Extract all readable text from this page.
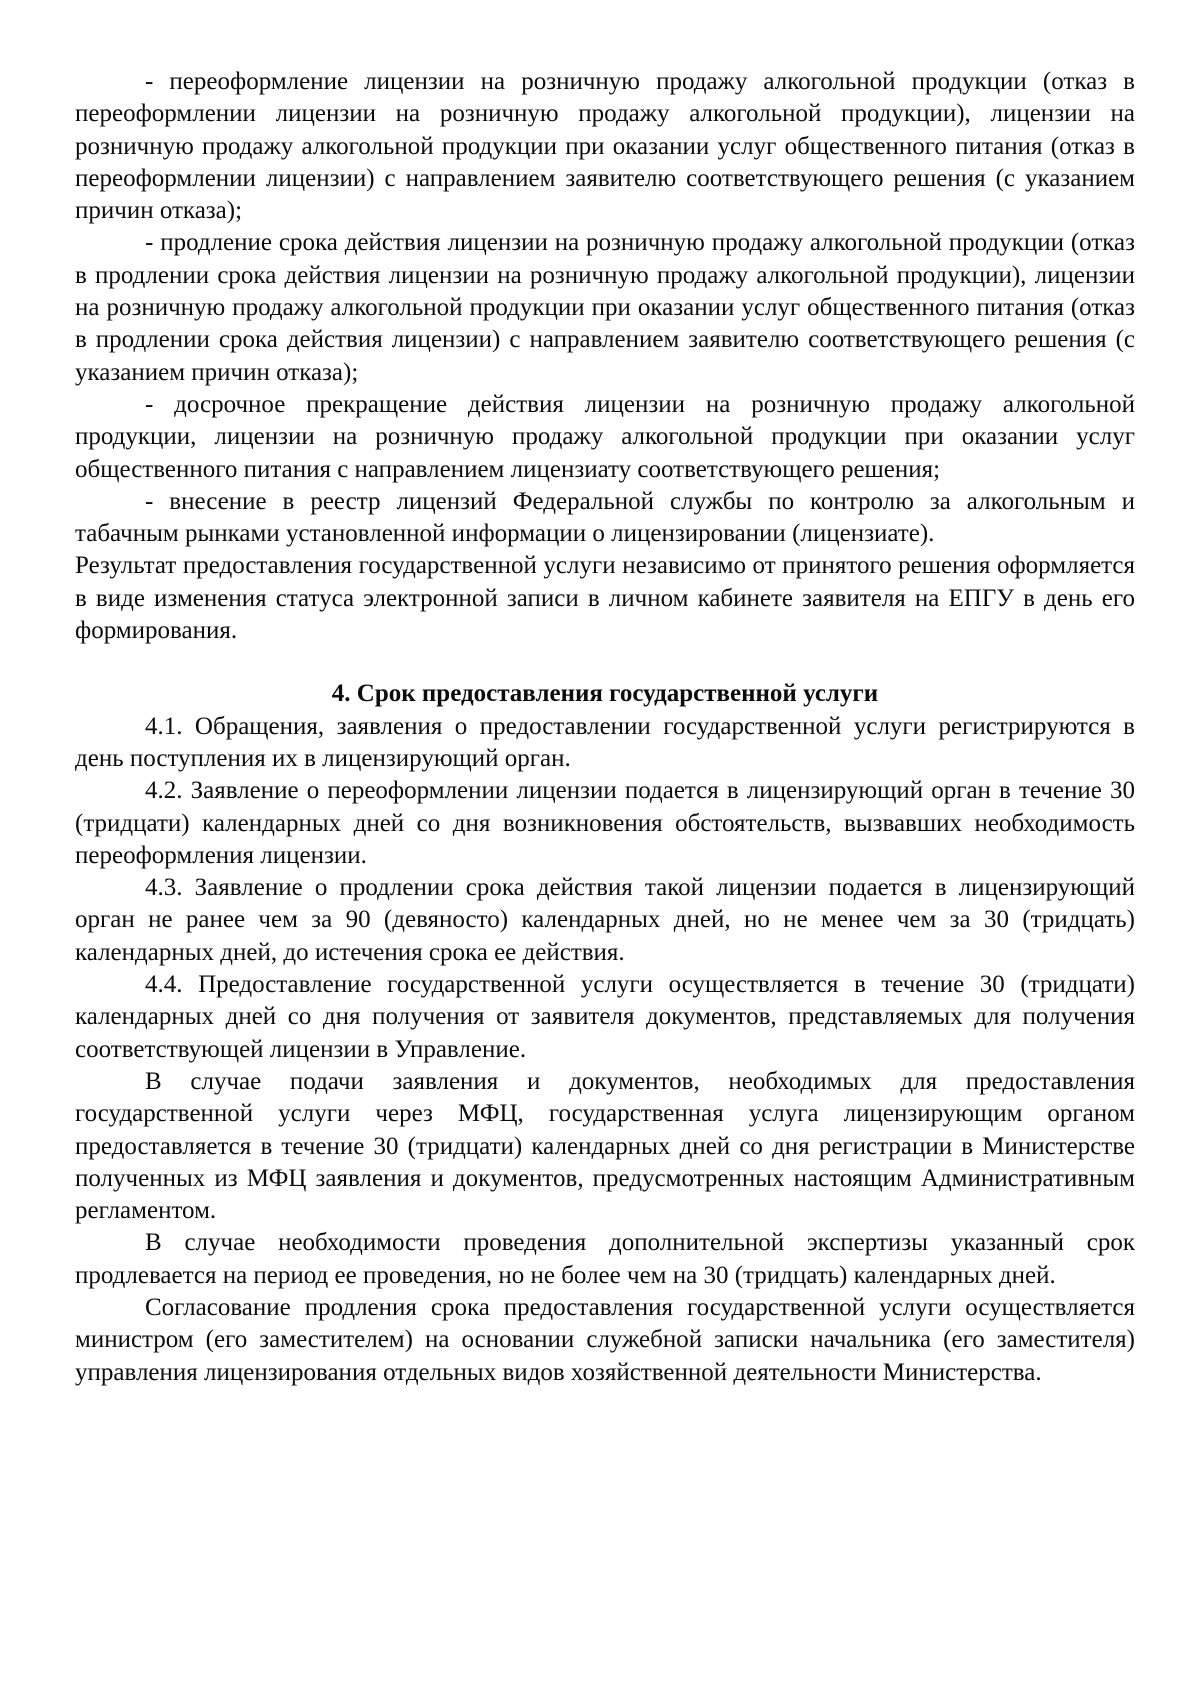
- переоформление лицензии на розничную продажу алкогольной продукции (отказ в переоформлении лицензии на розничную продажу алкогольной продукции), лицензии на розничную продажу алкогольной продукции при оказании услуг общественного питания (отказ в переоформлении лицензии) с направлением заявителю соответствующего решения (с указанием причин отказа);

- продление срока действия лицензии на розничную продажу алкогольной продукции (отказ в продлении срока действия лицензии на розничную продажу алкогольной продукции), лицензии на розничную продажу алкогольной продукции при оказании услуг общественного питания (отказ в продлении срока действия лицензии) с направлением заявителю соответствующего решения (с указанием причин отказа);

- досрочное прекращение действия лицензии на розничную продажу алкогольной продукции, лицензии на розничную продажу алкогольной продукции при оказании услуг общественного питания с направлением лицензиату соответствующего решения;

- внесение в реестр лицензий Федеральной службы по контролю за алкогольным и табачным рынками установленной информации о лицензировании (лицензиате).

Результат предоставления государственной услуги независимо от принятого решения оформляется в виде изменения статуса электронной записи в личном кабинете заявителя на ЕПГУ в день его формирования.

4. Срок предоставления государственной услуги

4.1. Обращения, заявления о предоставлении государственной услуги регистрируются в день поступления их в лицензирующий орган.

4.2. Заявление о переоформлении лицензии подается в лицензирующий орган в течение 30 (тридцати) календарных дней со дня возникновения обстоятельств, вызвавших необходимость переоформления лицензии.

4.3. Заявление о продлении срока действия такой лицензии подается в лицензирующий орган не ранее чем за 90 (девяносто) календарных дней, но не менее чем за 30 (тридцать) календарных дней, до истечения срока ее действия.

4.4. Предоставление государственной услуги осуществляется в течение 30 (тридцати) календарных дней со дня получения от заявителя документов, представляемых для получения соответствующей лицензии в Управление.

В случае подачи заявления и документов, необходимых для предоставления государственной услуги через МФЦ, государственная услуга лицензирующим органом предоставляется в течение 30 (тридцати) календарных дней со дня регистрации в Министерстве полученных из МФЦ заявления и документов, предусмотренных настоящим Административным регламентом.

В случае необходимости проведения дополнительной экспертизы указанный срок продлевается на период ее проведения, но не более чем на 30 (тридцать) календарных дней.

Согласование продления срока предоставления государственной услуги осуществляется министром (его заместителем) на основании служебной записки начальника (его заместителя) управления лицензирования отдельных видов хозяйственной деятельности Министерства.
